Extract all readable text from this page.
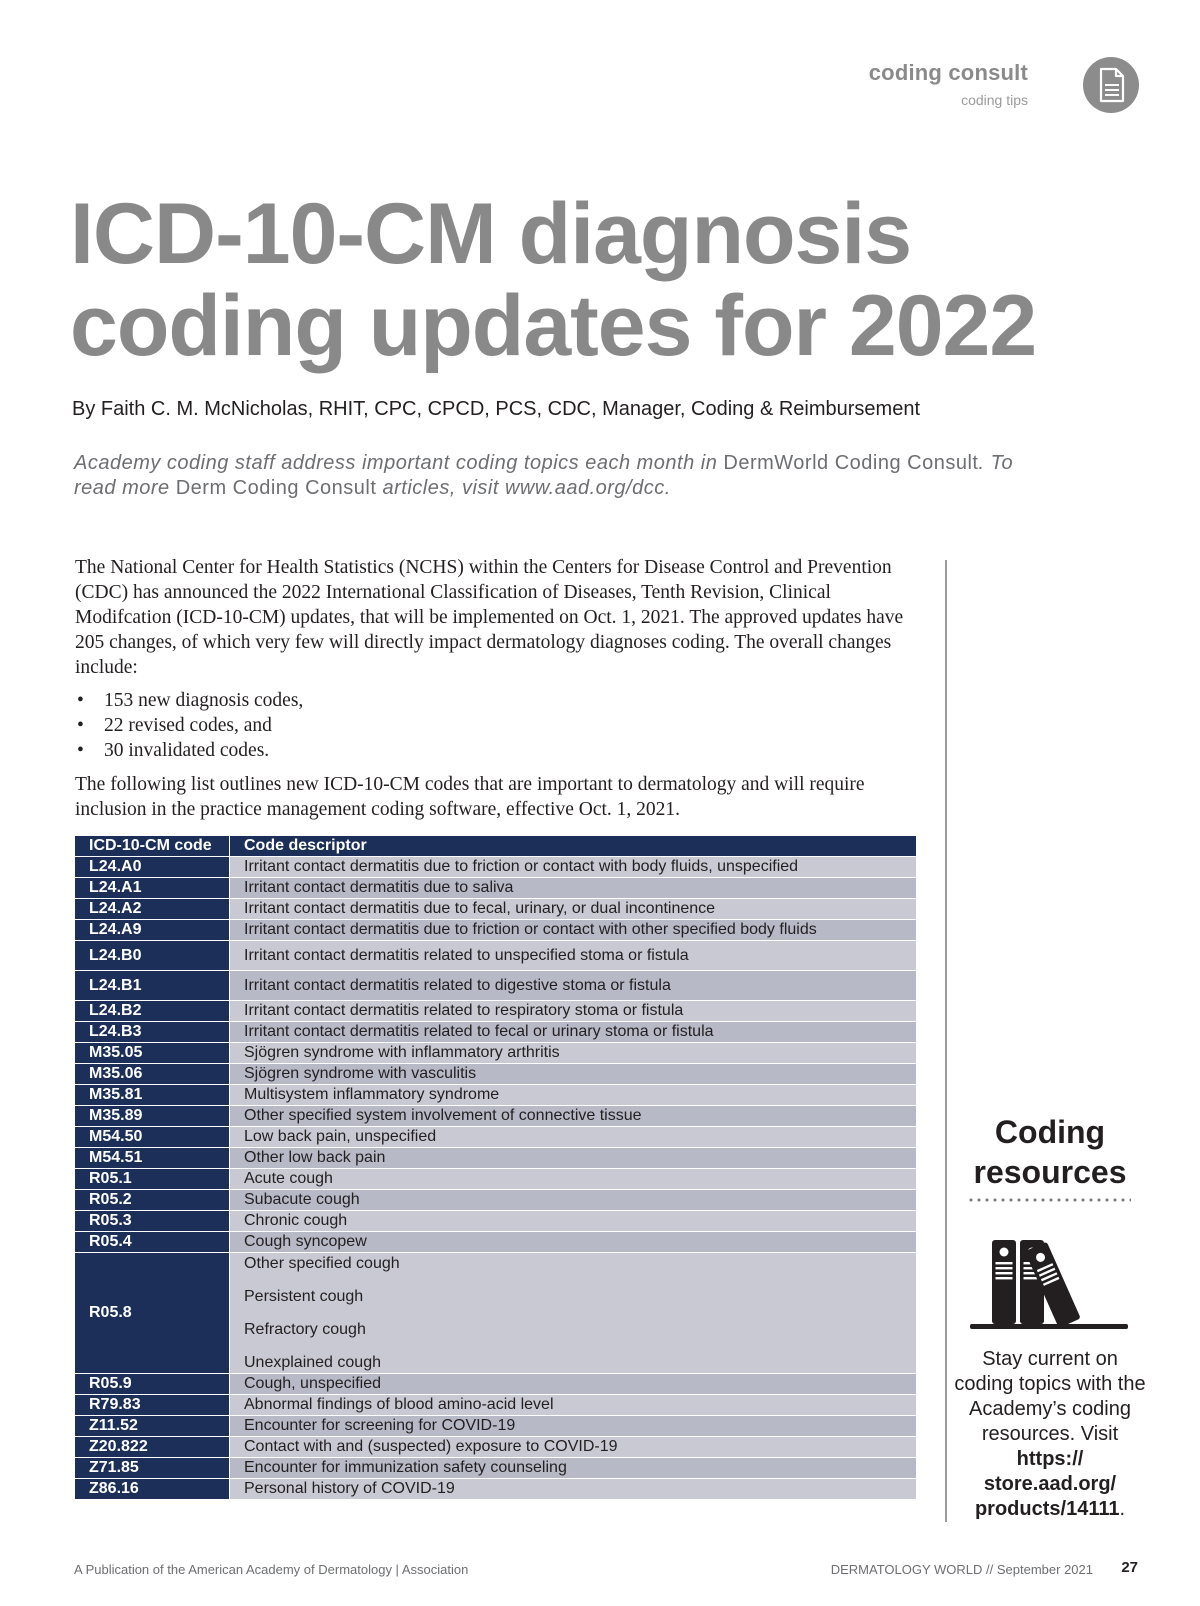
coding consult
coding tips
ICD-10-CM diagnosis
coding updates for 2022
By Faith C. M. McNicholas, RHIT, CPC, CPCD, PCS, CDC, Manager, Coding & Reimbursement
Academy coding staff address important coding topics each month in DermWorld Coding Consult. To read more Derm Coding Consult articles, visit www.aad.org/dcc.

The National Center for Health Statistics (NCHS) within the Centers for Disease Control and Prevention (CDC) has announced the 2022 International Classification of Diseases, Tenth Revision, Clinical Modifcation (ICD-10-CM) updates, that will be implemented on Oct. 1, 2021. The approved updates have 205 changes, of which very few will directly impact dermatology diagnoses coding. The overall changes include:

• 153 new diagnosis codes,
• 22 revised codes, and
• 30 invalidated codes.

The following list outlines new ICD-10-CM codes that are important to dermatology and will require inclusion in the practice management coding software, effective Oct. 1, 2021.

ICD-10-CM code	Code descriptor
L24.A0	Irritant contact dermatitis due to friction or contact with body fluids, unspecified
L24.A1	Irritant contact dermatitis due to saliva
L24.A2	Irritant contact dermatitis due to fecal, urinary, or dual incontinence
L24.A9	Irritant contact dermatitis due to friction or contact with other specified body fluids
L24.B0	Irritant contact dermatitis related to unspecified stoma or fistula
L24.B1	Irritant contact dermatitis related to digestive stoma or fistula
L24.B2	Irritant contact dermatitis related to respiratory stoma or fistula
L24.B3	Irritant contact dermatitis related to fecal or urinary stoma or fistula
M35.05	Sjögren syndrome with inflammatory arthritis
M35.06	Sjögren syndrome with vasculitis
M35.81	Multisystem inflammatory syndrome
M35.89	Other specified system involvement of connective tissue
M54.50	Low back pain, unspecified
M54.51	Other low back pain
R05.1	Acute cough
R05.2	Subacute cough
R05.3	Chronic cough
R05.4	Cough syncopew
R05.8	Other specified cough
Persistent cough
Refractory cough
Unexplained cough

R05.9	Cough, unspecified
R79.83	Abnormal findings of blood amino-acid level
Z11.52	Encounter for screening for COVID-19
Z20.822	Contact with and (suspected) exposure to COVID-19
Z71.85	Encounter for immunization safety counseling
Z86.16	Personal history of COVID-19
Coding
resources
Stay current on coding topics with the Academy’s coding resources. Visit https://
store.aad.org/
products/14111.
A Publication of the American Academy of Dermatology | Association	DERMATOLOGY WORLD // September 2021 27
